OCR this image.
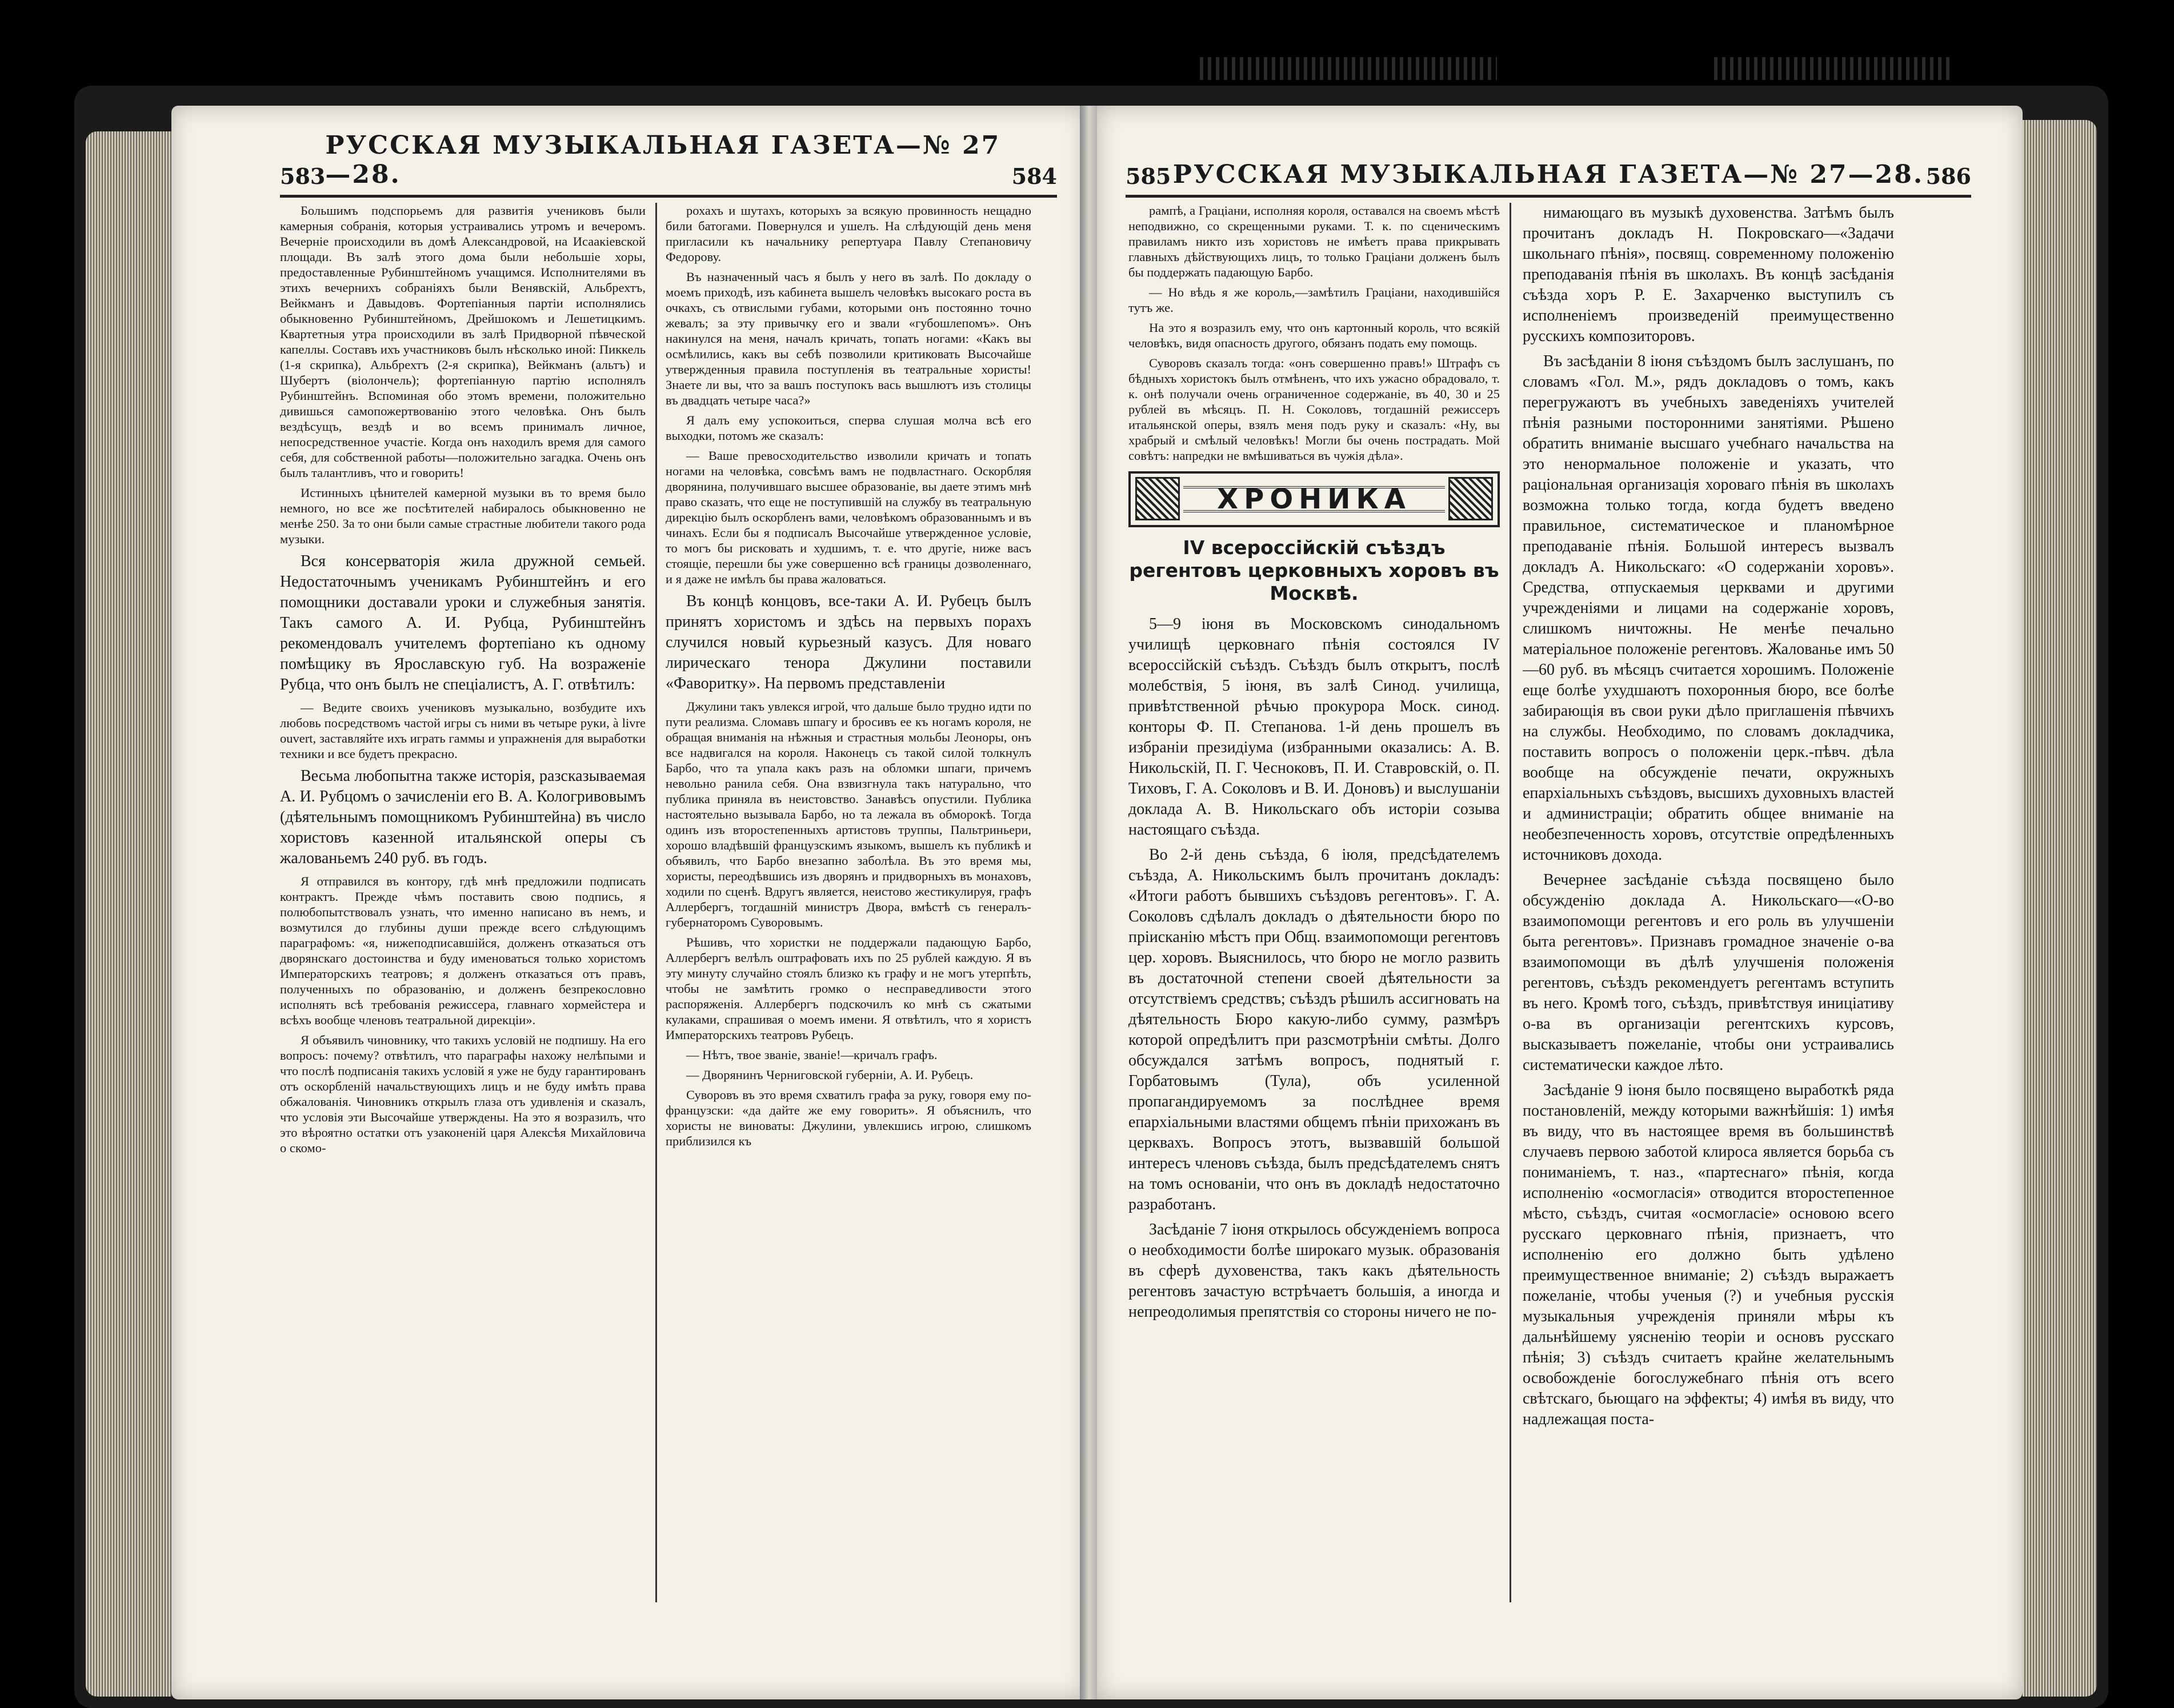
583
РУССКАЯ МУЗЫКАЛЬНАЯ ГАЗЕТА—№ 27—28.	584

Большимъ подспорьемъ для развитія учениковъ были камерныя собранія, которыя устраивались утромъ и вечеромъ. Вечерніе происходили въ домѣ Александровой, на Исаакіевской площади. Въ залѣ этого дома были небольшіе хоры, предоставленные Рубинштейномъ учащимся. Исполнителями въ этихъ вечернихъ собраніяхъ были Венявскій, Альбрехтъ, Вейкманъ и Давыдовъ. Фортепіанныя партіи исполнялись обыкновенно Рубинштейномъ, Дрейшокомъ и Лешетицкимъ. Квартетныя утра происходили въ залѣ Придворной пѣвческой капеллы. Составъ ихъ участниковъ былъ нѣсколько иной: Пиккель (1-я скрипка), Альбрехтъ (2-я скрипка), Вейкманъ (альтъ) и Шубертъ (віолончель); фортепіанную партію исполнялъ Рубинштейнъ. Вспоминая обо этомъ времени, положительно дивишься самопожертвованію этого человѣка. Онъ былъ вездѣсущъ, вездѣ и во всемъ принималъ личное, непосредственное участіе. Когда онъ находилъ время для самого себя, для собственной работы—положительно загадка. Очень онъ былъ талантливъ, что и говорить!

Истинныхъ цѣнителей камерной музыки въ то время было немного, но все же посѣтителей набиралось обыкновенно не менѣе 250. За то они были самые страстные любители такого рода музыки.

Вся консерваторія жила дружной семьей. Недостаточнымъ ученикамъ Рубинштейнъ и его помощники доставали уроки и служебныя занятія. Такъ самого А. И. Рубца, Рубинштейнъ рекомендовалъ учителемъ фортепіано къ одному помѣщику въ Ярославскую губ. На возраженіе Рубца, что онъ былъ не спеціалистъ, А. Г. отвѣтилъ:

— Ведите своихъ учениковъ музыкально, возбудите ихъ любовь посредствомъ частой игры съ ними въ четыре руки, à livre ouvert, заставляйте ихъ играть гаммы и упражненія для выработки техники и все будетъ прекрасно.

Весьма любопытна также исторія, разсказываемая А. И. Рубцомъ о зачисленіи его В. А. Кологривовымъ (дѣятельнымъ помощникомъ Рубинштейна) въ число хористовъ казенной итальянской оперы съ жалованьемъ 240 руб. въ годъ.

Я отправился въ контору, гдѣ мнѣ предложили подписать контрактъ. Прежде чѣмъ поставить свою подпись, я полюбопытствовалъ узнать, что именно написано въ немъ, и возмутился до глубины души прежде всего слѣдующимъ параграфомъ: «я, нижеподписавшійся, долженъ отказаться отъ дворянскаго достоинства и буду именоваться только хористомъ Императорскихъ театровъ; я долженъ отказаться отъ правъ, полученныхъ по образованію, и долженъ безпрекословно исполнять всѣ требованія режиссера, главнаго хормейстера и всѣхъ вообще членовъ театральной дирекціи».

Я объявилъ чиновнику, что такихъ условій не подпишу. На его вопросъ: почему? отвѣтилъ, что параграфы нахожу нелѣпыми и что послѣ подписанія такихъ условій я уже не буду гарантированъ отъ оскорбленій начальствующихъ лицъ и не буду имѣть права обжалованія. Чиновникъ открылъ глаза отъ удивленія и сказалъ, что условія эти Высочайше утверждены. На это я возразилъ, что это вѣроятно остатки отъ узаконеній царя Алексѣя Михайловича о скомо-

рохахъ и шутахъ, которыхъ за всякую провинность нещадно били батогами. Повернулся и ушелъ. На слѣдующій день меня пригласили къ начальнику репертуара Павлу Степановичу Федорову.

Въ назначенный часъ я былъ у него въ залѣ. По докладу о моемъ приходѣ, изъ кабинета вышелъ человѣкъ высокаго роста въ очкахъ, съ отвислыми губами, которыми онъ постоянно точно жевалъ; за эту привычку его и звали «губошлепомъ». Онъ накинулся на меня, началъ кричать, топать ногами: «Какъ вы осмѣлились, какъ вы себѣ позволили критиковать Высочайше утвержденныя правила поступленія въ театральные хористы! Знаете ли вы, что за вашъ поступокъ вась вышлютъ изъ столицы въ двадцать четыре часа?»

Я далъ ему успокоиться, сперва слушая молча всѣ его выходки, потомъ же сказалъ:

— Ваше превосходительство изволили кричать и топать ногами на человѣка, совсѣмъ вамъ не подвластнаго. Оскорбляя дворянина, получившаго высшее образованіе, вы даете этимъ мнѣ право сказать, что еще не поступившій на службу въ театральную дирекцію былъ оскорбленъ вами, человѣкомъ образованнымъ и въ чинахъ. Если бы я подписалъ Высочайше утвержденное условіе, то могъ бы рисковать и худшимъ, т. е. что другіе, ниже васъ стоящіе, перешли бы уже совершенно всѣ границы дозволеннаго, и я даже не имѣлъ бы права жаловаться.

Въ концѣ концовъ, все-таки А. И. Рубецъ былъ принятъ хористомъ и здѣсь на первыхъ порахъ случился новый курьезный казусъ. Для новаго лирическаго тенора Джулини поставили «Фаворитку». На первомъ представленіи

Джулини такъ увлекся игрой, что дальше было трудно идти по пути реализма. Сломавъ шпагу и бросивъ ее къ ногамъ короля, не обращая вниманія на нѣжныя и страстныя мольбы Леоноры, онъ все надвигался на короля. Наконецъ съ такой силой толкнулъ Барбо, что та упала какъ разъ на обломки шпаги, причемъ невольно ранила себя. Она взвизгнула такъ натурально, что публика приняла въ неистовство. Занавѣсъ опустили. Публика настоятельно вызывала Барбо, но та лежала въ обморокѣ. Тогда одинъ изъ второстепенныхъ артистовъ труппы, Пальтриньери, хорошо владѣвшій французскимъ языкомъ, вышелъ къ публикѣ и объявилъ, что Барбо внезапно заболѣла. Въ это время мы, хористы, переодѣвшись изъ дворянъ и придворныхъ въ монаховъ, ходили по сценѣ. Вдругъ является, неистово жестикулируя, графъ Аллербергъ, тогдашній министръ Двора, вмѣстѣ съ генералъ-губернаторомъ Суворовымъ.

Рѣшивъ, что хористки не поддержали падающую Барбо, Аллербергъ велѣлъ оштрафовать ихъ по 25 рублей каждую. Я въ эту минуту случайно стоялъ близко къ графу и не могъ утерпѣть, чтобы не замѣтить громко о несправедливости этого распоряженія. Аллербергъ подскочилъ ко мнѣ съ сжатыми кулаками, спрашивая о моемъ имени. Я отвѣтилъ, что я хористъ Императорскихъ театровъ Рубецъ.

— Нѣтъ, твое званіе, званіе!—кричалъ графъ.

— Дворянинъ Черниговской губерніи, А. И. Рубецъ.

Суворовъ въ это время схватилъ графа за руку, говоря ему по-французски: «да дайте же ему говорить». Я объяснилъ, что хористы не виноваты: Джулини, увлекшись игрою, слишкомъ приблизился къ

585 РУССКАЯ МУЗЫКАЛЬНАЯ ГАЗЕТА—№ 27—28. 586

рампѣ, а Граціани, исполняя короля, оставался на своемъ мѣстѣ неподвижно, со скрещенными руками. Т. к. по сценическимъ правиламъ никто изъ хористовъ не имѣетъ права прикрывать главныхъ дѣйствующихъ лицъ, то только Граціани долженъ былъ бы поддержать падающую Барбо.

— Но вѣдь я же король,—замѣтилъ Граціани, находившійся тутъ же.

На это я возразилъ ему, что онъ картонный король, что всякій человѣкъ, видя опасность другого, обязанъ подать ему помощь.

Суворовъ сказалъ тогда: «онъ совершенно правъ!» Штрафъ съ бѣдныхъ хористокъ былъ отмѣненъ, что ихъ ужасно обрадовало, т. к. онѣ получали очень ограниченное содержаніе, въ 40, 30 и 25 рублей въ мѣсяцъ. П. Н. Соколовъ, тогдашній режиссеръ итальянской оперы, взялъ меня подъ руку и сказалъ: «Ну, вы храбрый и смѣлый человѣкъ! Могли бы очень пострадать. Мой совѣтъ: напредки не вмѣшиваться въ чужія дѣла».

ХРОНИКА
IV всероссійскій съѣздъ регентовъ церковныхъ хоровъ въ Москвѣ.

5—9 іюня въ Московскомъ синодальномъ училищѣ церковнаго пѣнія состоялся IV всероссійскій съѣздъ. Съѣздъ былъ открытъ, послѣ молебствія, 5 іюня, въ залѣ Синод. училища, привѣтственной рѣчью прокурора Моск. синод. конторы Ф. П. Степанова. 1-й день прошелъ въ избраніи президіума (избранными оказались: А. В. Никольскій, П. Г. Чесноковъ, П. И. Ставровскій, о. П. Тиховъ, Г. А. Соколовъ и В. И. Доновъ) и выслушаніи доклада А. В. Никольскаго объ исторіи созыва настоящаго съѣзда.

Во 2-й день съѣзда, 6 іюля, предсѣдателемъ съѣзда, А. Никольскимъ былъ прочитанъ докладъ: «Итоги работъ бывшихъ съѣздовъ регентовъ». Г. А. Соколовъ сдѣлалъ докладъ о дѣятельности бюро по пріисканію мѣстъ при Общ. взаимопомощи регентовъ цер. хоровъ. Выяснилось, что бюро не могло развить въ достаточной степени своей дѣятельности за отсутствіемъ средствъ; съѣздъ рѣшилъ ассигновать на дѣятельность Бюро какую-либо сумму, размѣръ которой опредѣлитъ при разсмотрѣніи смѣты. Долго обсуждался затѣмъ вопросъ, поднятый г. Горбатовымъ (Тула), объ усиленной пропагандируемомъ за послѣднее время епархіальными властями общемъ пѣніи прихожанъ въ церквахъ. Вопросъ этотъ, вызвавшій большой интересъ членовъ съѣзда, былъ предсѣдателемъ снятъ на томъ основаніи, что онъ въ докладѣ недостаточно разработанъ.

Засѣданіе 7 іюня открылось обсужденіемъ вопроса о необходимости болѣе широкаго музык. образованія въ сферѣ духовенства, такъ какъ дѣятельность регентовъ зачастую встрѣчаетъ большія, а иногда и непреодолимыя препятствія со стороны ничего не по-

нимающаго въ музыкѣ духовенства. Затѣмъ былъ прочитанъ докладъ Н. Покровскаго—«Задачи школьнаго пѣнія», посвящ. современному положенію преподаванія пѣнія въ школахъ. Въ концѣ засѣданія съѣзда хоръ Р. Е. Захарченко выступилъ съ исполненіемъ произведеній преимущественно русскихъ композиторовъ.

Въ засѣданіи 8 іюня съѣздомъ былъ заслушанъ, по словамъ «Гол. М.», рядъ докладовъ о томъ, какъ перегружаютъ въ учебныхъ заведеніяхъ учителей пѣнія разными посторонними занятіями. Рѣшено обратить вниманіе высшаго учебнаго начальства на это ненормальное положеніе и указать, что раціональная организація хороваго пѣнія въ школахъ возможна только тогда, когда будетъ введено правильное, систематическое и планомѣрное преподаваніе пѣнія. Большой интересъ вызвалъ докладъ А. Никольскаго: «О содержаніи хоровъ». Средства, отпускаемыя церквами и другими учрежденіями и лицами на содержаніе хоровъ, слишкомъ ничтожны. Не менѣе печально матеріальное положеніе регентовъ. Жалованье имъ 50—60 руб. въ мѣсяцъ считается хорошимъ. Положеніе еще болѣе ухудшаютъ похоронныя бюро, все болѣе забирающія въ свои руки дѣло приглашенія пѣвчихъ на службы. Необходимо, по словамъ докладчика, поставить вопросъ о положеніи церк.-пѣвч. дѣла вообще на обсужденіе печати, окружныхъ епархіальныхъ съѣздовъ, высшихъ духовныхъ властей и администраціи; обратить общее вниманіе на необезпеченность хоровъ, отсутствіе опредѣленныхъ источниковъ дохода.

Вечернее засѣданіе съѣзда посвящено было обсужденію доклада А. Никольскаго—«О-во взаимопомощи регентовъ и его роль въ улучшеніи быта регентовъ». Признавъ громадное значеніе о-ва взаимопомощи въ дѣлѣ улучшенія положенія регентовъ, съѣздъ рекомендуетъ регентамъ вступить въ него. Кромѣ того, съѣздъ, привѣтствуя иниціативу о-ва въ организаціи регентскихъ курсовъ, высказываетъ пожеланіе, чтобы они устраивались систематически каждое лѣто.

Засѣданіе 9 іюня было посвящено выработкѣ ряда постановленій, между которыми важнѣйшія: 1) имѣя въ виду, что въ настоящее время въ большинствѣ случаевъ первою заботой клироса является борьба съ пониманіемъ, т. наз., «партеснаго» пѣнія, когда исполненію «осмогласія» отводится второстепенное мѣсто, съѣздъ, считая «осмогласіе» основою всего русскаго церковнаго пѣнія, признаетъ, что исполненію его должно быть удѣлено преимущественное вниманіе; 2) съѣздъ выражаетъ пожеланіе, чтобы ученыя (?) и учебныя русскія музыкальныя учрежденія приняли мѣры къ дальнѣйшему уясненію теоріи и основъ русскаго пѣнія; 3) съѣздъ считаетъ крайне желательнымъ освобожденіе богослужебнаго пѣнія отъ всего свѣтскаго, бьющаго на эффекты; 4) имѣя въ виду, что надлежащая поста-
